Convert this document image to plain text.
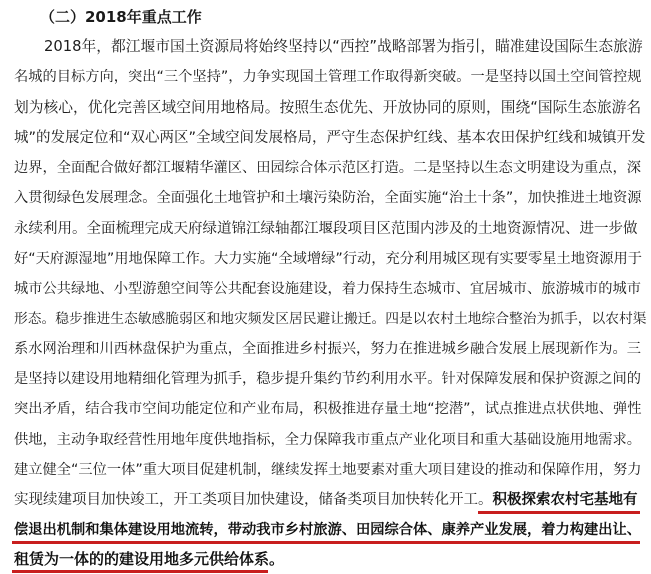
（二）2018年重点工作
2018年，都江堰市国土资源局将始终坚持以“西控”战略部署为指引，瞄准建设国际生态旅游
名城的目标方向，突出“三个坚持”，力争实现国土管理工作取得新突破。一是坚持以国土空间管控规
划为核心，优化完善区域空间用地格局。按照生态优先、开放协同的原则，围绕“国际生态旅游名
城”的发展定位和“双心两区”全域空间发展格局，严守生态保护红线、基本农田保护红线和城镇开发
边界，全面配合做好都江堰精华灌区、田园综合体示范区打造。二是坚持以生态文明建设为重点，深
入贯彻绿色发展理念。全面强化土地管护和土壤污染防治，全面实施“治土十条”，加快推进土地资源
永续利用。全面梳理完成天府绿道锦江绿轴都江堰段项目区范围内涉及的土地资源情况、进一步做
好“天府源湿地”用地保障工作。大力实施“全域增绿”行动，充分利用城区现有实要零星土地资源用于
城市公共绿地、小型游憩空间等公共配套设施建设，着力保持生态城市、宜居城市、旅游城市的城市
形态。稳步推进生态敏感脆弱区和地灾频发区居民避让搬迁。四是以农村土地综合整治为抓手，以农村渠
系水网治理和川西林盘保护为重点，全面推进乡村振兴，努力在推进城乡融合发展上展现新作为。三
是坚持以建设用地精细化管理为抓手，稳步提升集约节约利用水平。针对保障发展和保护资源之间的
突出矛盾，结合我市空间功能定位和产业布局，积极推进存量土地“挖潜”，试点推进点状供地、弹性
供地，主动争取经营性用地年度供地指标，全力保障我市重点产业化项目和重大基础设施用地需求。
建立健全“三位一体”重大项目促建机制，继续发挥土地要素对重大项目建设的推动和保障作用，努力
实现续建项目加快竣工，开工类项目加快建设，储备类项目加快转化开工。积极探索农村宅基地有
偿退出机制和集体建设用地流转，带动我市乡村旅游、田园综合体、康养产业发展，着力构建出让、
租赁为一体的的建设用地多元供给体系。
